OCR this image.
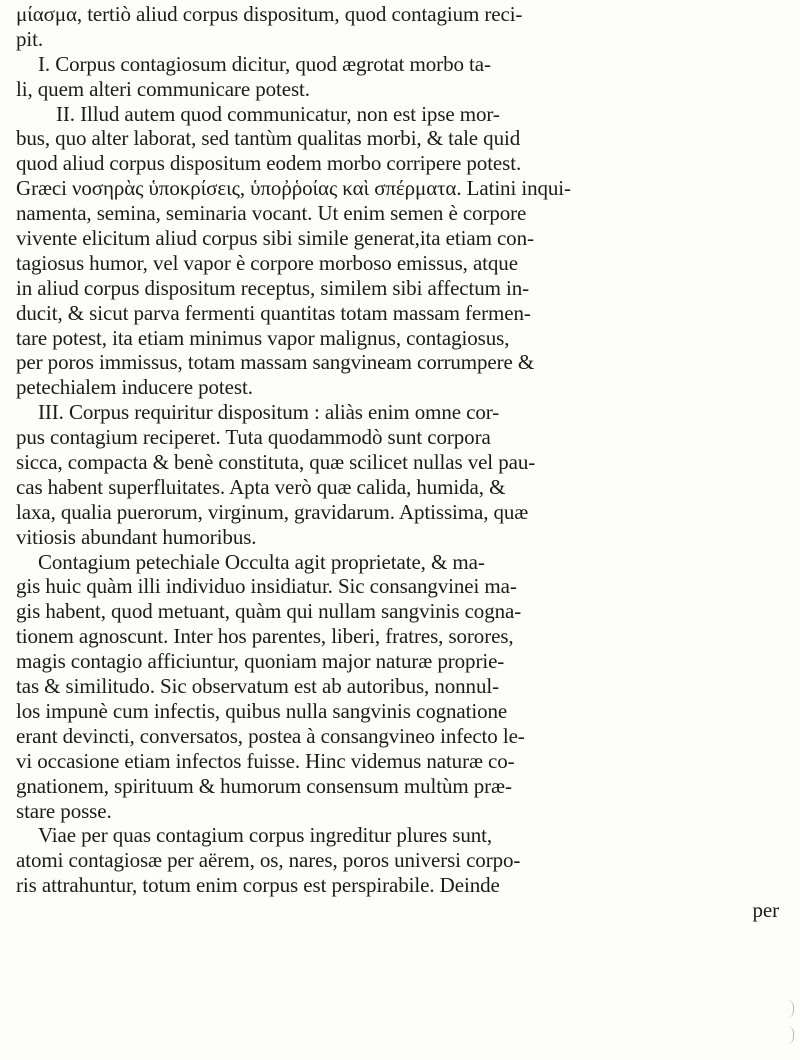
μίασμα, tertiò aliud corpus dispositum, quod contagium reci-
pit.
I. Corpus contagiosum dicitur, quod ægrotat morbo ta-
li, quem alteri communicare potest.
II. Illud autem quod communicatur, non est ipse mor-
bus, quo alter laborat, sed tantùm qualitas morbi, & tale quid
quod aliud corpus dispositum eodem morbo corripere potest.
Græci νοσηρὰς ὑποκρίσεις, ὑποῤῥοίας καὶ σπέρματα. Latini inqui-
namenta, semina, seminaria vocant. Ut enim semen è corpore
vivente elicitum aliud corpus sibi simile generat,ita etiam con-
tagiosus humor, vel vapor è corpore morboso emissus, atque
in aliud corpus dispositum receptus, similem sibi affectum in-
ducit, & sicut parva fermenti quantitas totam massam fermen-
tare potest, ita etiam minimus vapor malignus, contagiosus,
per poros immissus, totam massam sangvineam corrumpere &
petechialem inducere potest.
III. Corpus requiritur dispositum : aliàs enim omne cor-
pus contagium reciperet. Tuta quodammodò sunt corpora
sicca, compacta & benè constituta, quæ scilicet nullas vel pau-
cas habent superfluitates. Apta verò quæ calida, humida, &
laxa, qualia puerorum, virginum, gravidarum. Aptissima, quæ
vitiosis abundant humoribus.
Contagium petechiale Occulta agit proprietate, & ma-
gis huic quàm illi individuo insidiatur. Sic consangvinei ma-
gis habent, quod metuant, quàm qui nullam sangvinis cogna-
tionem agnoscunt. Inter hos parentes, liberi, fratres, sorores,
magis contagio afficiuntur, quoniam major naturæ proprie-
tas & similitudo. Sic observatum est ab autoribus, nonnul-
los impunè cum infectis, quibus nulla sangvinis cognatione
erant devincti, conversatos, postea à consangvineo infecto le-
vi occasione etiam infectos fuisse. Hinc videmus naturæ co-
gnationem, spirituum & humorum consensum multùm præ-
stare posse.
Viae per quas contagium corpus ingreditur plures sunt,
atomi contagiosæ per aërem, os, nares, poros universi corpo-
ris attrahuntur, totum enim corpus est perspirabile. Deinde
per
